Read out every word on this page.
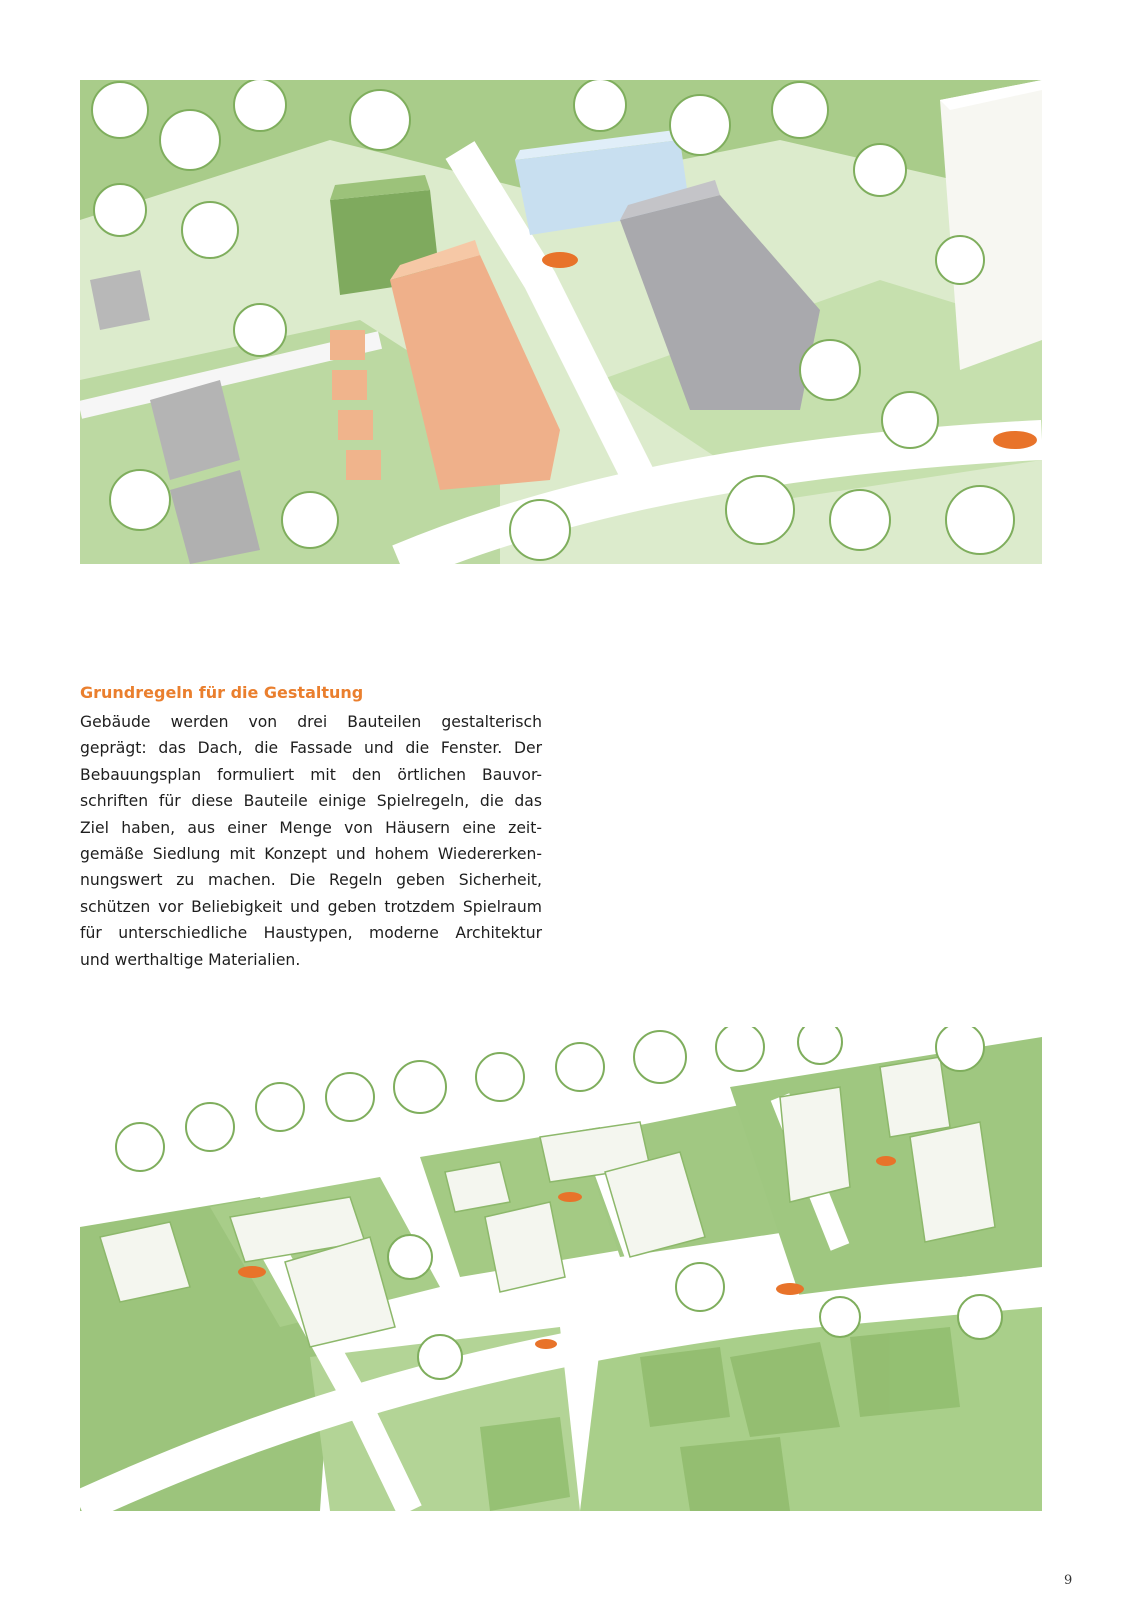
Grundregeln für die Gestaltung

Gebäude werden von drei Bauteilen gestalterisch
geprägt: das Dach, die Fassade und die Fenster. Der
Bebauungsplan formuliert mit den örtlichen Bauvor-
schriften für diese Bauteile einige Spielregeln, die das
Ziel haben, aus einer Menge von Häusern eine zeit-
gemäße Siedlung mit Konzept und hohem Wiedererken-
nungswert zu machen. Die Regeln geben Sicherheit,
schützen vor Beliebigkeit und geben trotzdem Spielraum
für unterschiedliche Haustypen, moderne Architektur
und werthaltige Materialien.

9
